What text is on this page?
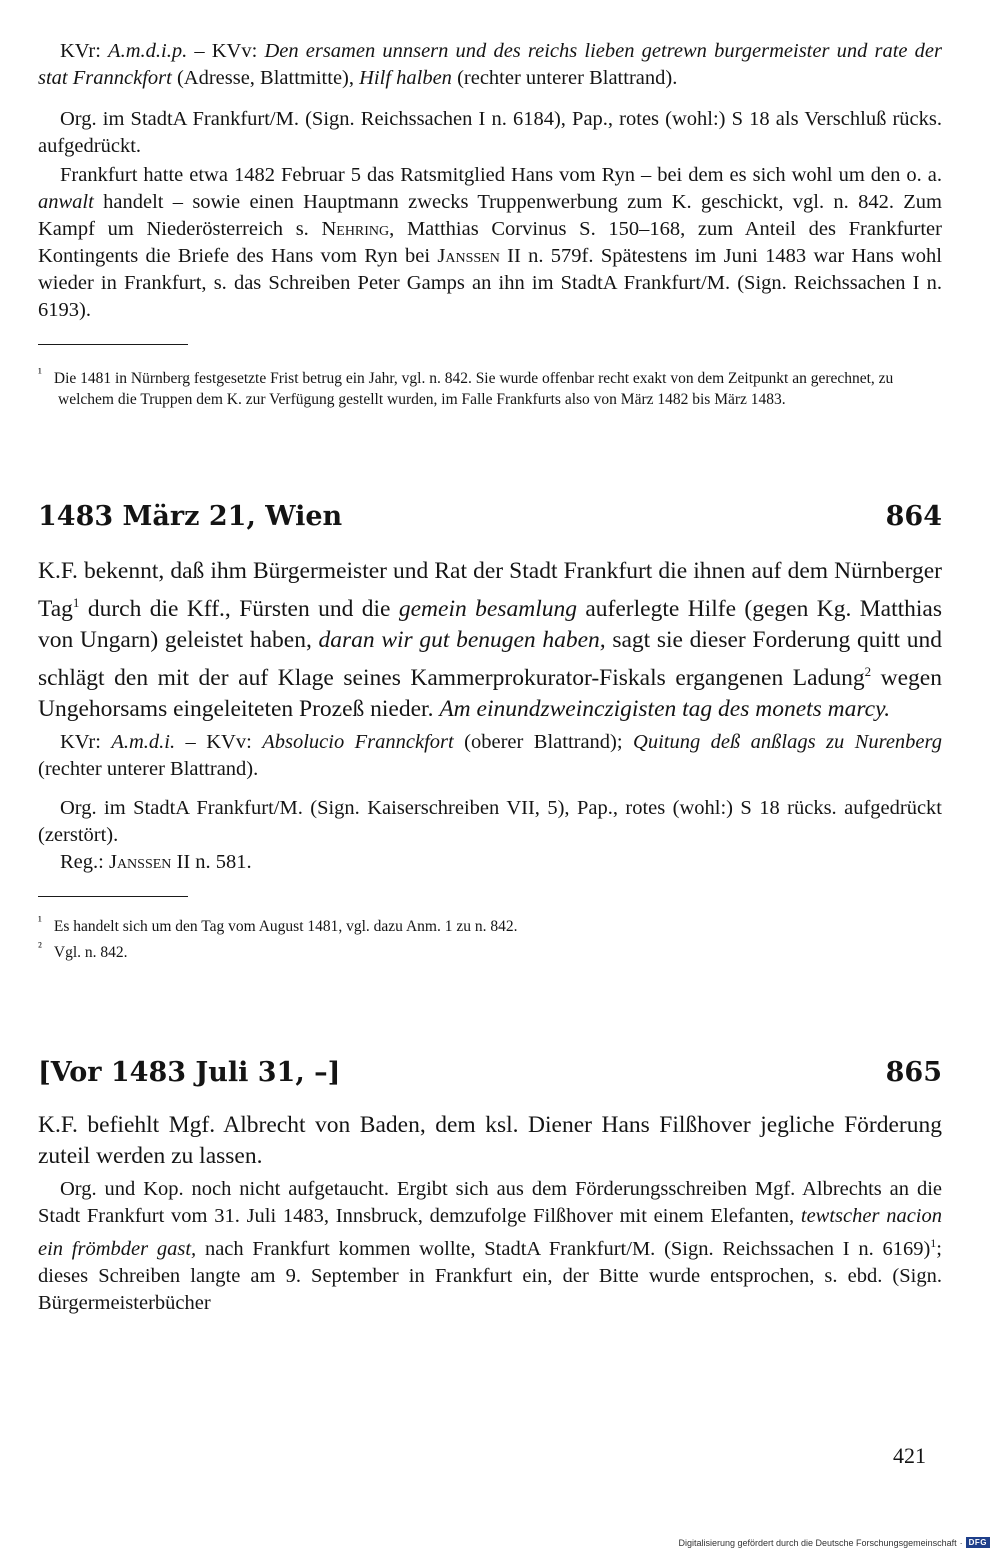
KVr: A.m.d.i.p. – KVv: Den ersamen unnsern und des reichs lieben getrewn burgermeister und rate der stat Frannckfort (Adresse, Blattmitte), Hilf halben (rechter unterer Blattrand).

Org. im StadtA Frankfurt/M. (Sign. Reichssachen I n. 6184), Pap., rotes (wohl:) S 18 als Verschluß rücks. aufgedrückt.

Frankfurt hatte etwa 1482 Februar 5 das Ratsmitglied Hans vom Ryn – bei dem es sich wohl um den o. a. anwalt handelt – sowie einen Hauptmann zwecks Truppenwerbung zum K. geschickt, vgl. n. 842. Zum Kampf um Niederösterreich s. Nehring, Matthias Corvinus S. 150–168, zum Anteil des Frankfurter Kontingents die Briefe des Hans vom Ryn bei Janssen II n. 579f. Spätestens im Juni 1483 war Hans wohl wieder in Frankfurt, s. das Schreiben Peter Gamps an ihn im StadtA Frankfurt/M. (Sign. Reichssachen I n. 6193).

$^{^1}$ Die 1481 in Nürnberg festgesetzte Frist betrug ein Jahr, vgl. n. 842. Sie wurde offenbar recht exakt von dem Zeitpunkt an gerechnet, zu welchem die Truppen dem K. zur Verfügung gestellt wurden, im Falle Frankfurts also von März 1482 bis März 1483.

1483 März 21, Wien	864

K.F. bekennt, daß ihm Bürgermeister und Rat der Stadt Frankfurt die ihnen auf dem Nürnberger Tag$^1$ durch die Kff., Fürsten und die gemein besamlung auferlegte Hilfe (gegen Kg. Matthias von Ungarn) geleistet haben, daran wir gut benugen haben, sagt sie dieser Forderung quitt und schlägt den mit der auf Klage seines Kammerprokurator-Fiskals ergangenen Ladung$^2$ wegen Ungehorsams eingeleiteten Prozeß nieder. Am einundzweinczigisten tag des monets marcy.

KVr: A.m.d.i. – KVv: Absolucio Frannckfort (oberer Blattrand); Quitung deß anßlags zu Nurenberg (rechter unterer Blattrand).

Org. im StadtA Frankfurt/M. (Sign. Kaiserschreiben VII, 5), Pap., rotes (wohl:) S 18 rücks. aufgedrückt (zerstört).

Reg.: Janssen II n. 581.

$^{^1}$ Es handelt sich um den Tag vom August 1481, vgl. dazu Anm. 1 zu n. 842.

$^{^2}$ Vgl. n. 842.

[Vor 1483 Juli 31, –]	865

K.F. befiehlt Mgf. Albrecht von Baden, dem ksl. Diener Hans Filßhover jegliche Förderung zuteil werden zu lassen.

Org. und Kop. noch nicht aufgetaucht. Ergibt sich aus dem Förderungsschreiben Mgf. Albrechts an die Stadt Frankfurt vom 31. Juli 1483, Innsbruck, demzufolge Filßhover mit einem Elefanten, tewtscher nacion ein frömbder gast, nach Frankfurt kommen wollte, StadtA Frankfurt/M. (Sign. Reichssachen I n. 6169)$^1$; dieses Schreiben langte am 9. September in Frankfurt ein, der Bitte wurde entsprochen, s. ebd. (Sign. Bürgermeisterbücher

421
Digitalisierung gefördert durch die Deutsche Forschungsgemeinschaft · DFG
